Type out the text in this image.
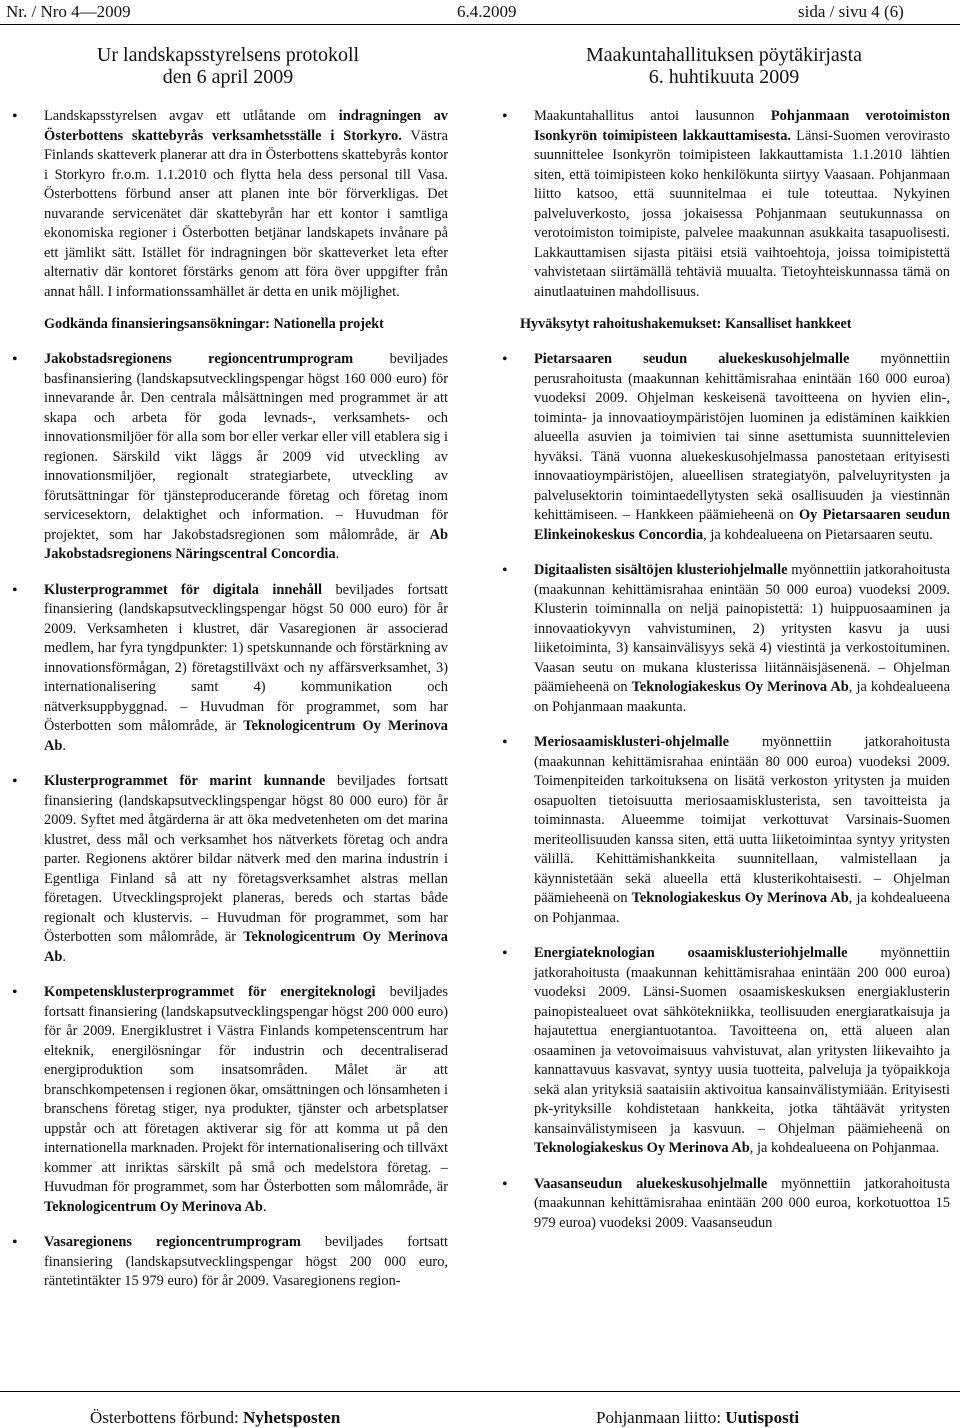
Nr. / Nro 4—2009	6.4.2009	sida / sivu 4 (6)
Ur landskapsstyrelsens protokoll
den 6 april 2009
• Landskapsstyrelsen avgav ett utlåtande om indragningen av Österbottens skattebyrås verksamhetsställe i Storkyro. Västra Finlands skatteverk planerar att dra in Österbottens skattebyrås kontor i Storkyro fr.o.m. 1.1.2010 och flytta hela dess personal till Vasa. Österbottens förbund anser att planen inte bör förverkligas. Det nuvarande servicenätet där skattebyrån har ett kontor i samtliga ekonomiska regioner i Österbotten betjänar landskapets invånare på ett jämlikt sätt. Istället för indragningen bör skatteverket leta efter alternativ där kontoret förstärks genom att föra över uppgifter från annat håll. I informationssamhället är detta en unik möjlighet.
Godkända finansieringsansökningar: Nationella projekt
• Jakobstadsregionens regioncentrumprogram beviljades basfinansiering (landskapsutvecklingspengar högst 160 000 euro) för innevarande år. Den centrala målsättningen med programmet är att skapa och arbeta för goda levnads-, verksamhets- och innovationsmiljöer för alla som bor eller verkar eller vill etablera sig i regionen. Särskild vikt läggs år 2009 vid utveckling av innovationsmiljöer, regionalt strategiarbete, utveckling av förutsättningar för tjänsteproducerande företag och företag inom servicesektorn, delaktighet och information. – Huvudman för projektet, som har Jakobstadsregionen som målområde, är Ab Jakobstadsregionens Näringscentral Concordia.
• Klusterprogrammet för digitala innehåll beviljades fortsatt finansiering (landskapsutvecklingspengar högst 50 000 euro) för år 2009. Verksamheten i klustret, där Vasaregionen är associerad medlem, har fyra tyngdpunkter: 1) spetskunnande och förstärkning av innovationsförmågan, 2) företagstillväxt och ny affärsverksamhet, 3) internationalisering samt 4) kommunikation och nätverksuppbyggnad. – Huvudman för programmet, som har Österbotten som målområde, är Teknologicentrum Oy Merinova Ab.
• Klusterprogrammet för marint kunnande beviljades fortsatt finansiering (landskapsutvecklingspengar högst 80 000 euro) för år 2009. Syftet med åtgärderna är att öka medvetenheten om det marina klustret, dess mål och verksamhet hos nätverkets företag och andra parter. Regionens aktörer bildar nätverk med den marina industrin i Egentliga Finland så att ny företagsverksamhet alstras mellan företagen. Utvecklingsprojekt planeras, bereds och startas både regionalt och klustervis. – Huvudman för programmet, som har Österbotten som målområde, är Teknologicentrum Oy Merinova Ab.
• Kompetensklusterprogrammet för energiteknologi beviljades fortsatt finansiering (landskapsutvecklingspengar högst 200 000 euro) för år 2009. Energiklustret i Västra Finlands kompetenscentrum har elteknik, energilösningar för industrin och decentraliserad energiproduktion som insatsområden. Målet är att branschkompetensen i regionen ökar, omsättningen och lönsamheten i branschens företag stiger, nya produkter, tjänster och arbetsplatser uppstår och att företagen aktiverar sig för att komma ut på den internationella marknaden. Projekt för internationalisering och tillväxt kommer att inriktas särskilt på små och medelstora företag. – Huvudman för programmet, som har Österbotten som målområde, är Teknologicentrum Oy Merinova Ab.
• Vasaregionens regioncentrumprogram beviljades fortsatt finansiering (landskapsutvecklingspengar högst 200 000 euro, räntetintäkter 15 979 euro) för år 2009. Vasaregionens region-
Maakuntahallituksen pöytäkirjasta
6. huhtikuuta 2009
• Maakuntahallitus antoi lausunnon Pohjanmaan verotoimiston Isonkyrön toimipisteen lakkauttamisesta. Länsi-Suomen verovirasto suunnittelee Isonkyrön toimipisteen lakkauttamista 1.1.2010 lähtien siten, että toimipisteen koko henkilökunta siirtyy Vaasaan. Pohjanmaan liitto katsoo, että suunnitelmaa ei tule toteuttaa. Nykyinen palveluverkosto, jossa jokaisessa Pohjanmaan seutukunnassa on verotoimiston toimipiste, palvelee maakunnan asukkaita tasapuolisesti. Lakkauttamisen sijasta pitäisi etsiä vaihtoehtoja, joissa toimipistettä vahvistetaan siirtämällä tehtäviä muualta. Tietoyhteiskunnassa tämä on ainutlaatuinen mahdollisuus.
Hyväksytyt rahoitushakemukset: Kansalliset hankkeet
• Pietarsaaren seudun aluekeskusohjelmalle myönnettiin perusrahoitusta (maakunnan kehittämisrahaa enintään 160 000 euroa) vuodeksi 2009. Ohjelman keskeisenä tavoitteena on hyvien elin-, toiminta- ja innovaatioympäristöjen luominen ja edistäminen kaikkien alueella asuvien ja toimivien tai sinne asettumista suunnittelevien hyväksi. Tänä vuonna aluekeskusohjelmassa panostetaan erityisesti innovaatioympäristöjen, alueellisen strategiatyön, palveluyritysten ja palvelusektorin toimintaedellytysten sekä osallisuuden ja viestinnän kehittämiseen. – Hankkeen päämieheenä on Oy Pietarsaaren seudun Elinkeinokeskus Concordia, ja kohdealueena on Pietarsaaren seutu.
• Digitaalisten sisältöjen klusteriohjelmalle myönnettiin jatkorahoitusta (maakunnan kehittämisrahaa enintään 50 000 euroa) vuodeksi 2009. Klusterin toiminnalla on neljä painopistettä: 1) huippuosaaminen ja innovaatiokyvyn vahvistuminen, 2) yritysten kasvu ja uusi liiketoiminta, 3) kansainvälisyys sekä 4) viestintä ja verkostoituminen. Vaasan seutu on mukana klusterissa liitännäisjäsenenä. – Ohjelman päämieheenä on Teknologiakeskus Oy Merinova Ab, ja kohdealueena on Pohjanmaan maakunta.
• Meriosaamisklusteri-ohjelmalle myönnettiin jatkorahoitusta (maakunnan kehittämisrahaa enintään 80 000 euroa) vuodeksi 2009. Toimenpiteiden tarkoituksena on lisätä verkoston yritysten ja muiden osapuolten tietoisuutta meriosaamisklusterista, sen tavoitteista ja toiminnasta. Alueemme toimijat verkottuvat Varsinais-Suomen meriteollisuuden kanssa siten, että uutta liiketoimintaa syntyy yritysten välillä. Kehittämishankkeita suunnitellaan, valmistellaan ja käynnistetään sekä alueella että klusterikohtaisesti. – Ohjelman päämieheenä on Teknologiakeskus Oy Merinova Ab, ja kohdealueena on Pohjanmaa.
• Energiateknologian osaamisklusteriohjelmalle myönnettiin jatkorahoitusta (maakunnan kehittämisrahaa enintään 200 000 euroa) vuodeksi 2009. Länsi-Suomen osaamiskeskuksen energiaklusterin painopistealueet ovat sähkötekniikka, teollisuuden energiaratkaisuja ja hajautettua energiantuotantoa. Tavoitteena on, että alueen alan osaaminen ja vetovoimaisuus vahvistuvat, alan yritysten liikevaihto ja kannattavuus kasvavat, syntyy uusia tuotteita, palveluja ja työpaikkoja sekä alan yrityksiä saataisiin aktivoitua kansainvälistymiään. Erityisesti pk-yrityksille kohdistetaan hankkeita, jotka tähtäävät yritysten kansainvälistymiseen ja kasvuun. – Ohjelman päämieheenä on Teknologiakeskus Oy Merinova Ab, ja kohdealueena on Pohjanmaa.
• Vaasanseudun aluekeskusohjelmalle myönnettiin jatkorahoitusta (maakunnan kehittämisrahaa enintään 200 000 euroa, korkotuottoa 15 979 euroa) vuodeksi 2009. Vaasanseudun
Österbottens förbund: Nyhetsposten	Pohjanmaan liitto: Uutisposti
